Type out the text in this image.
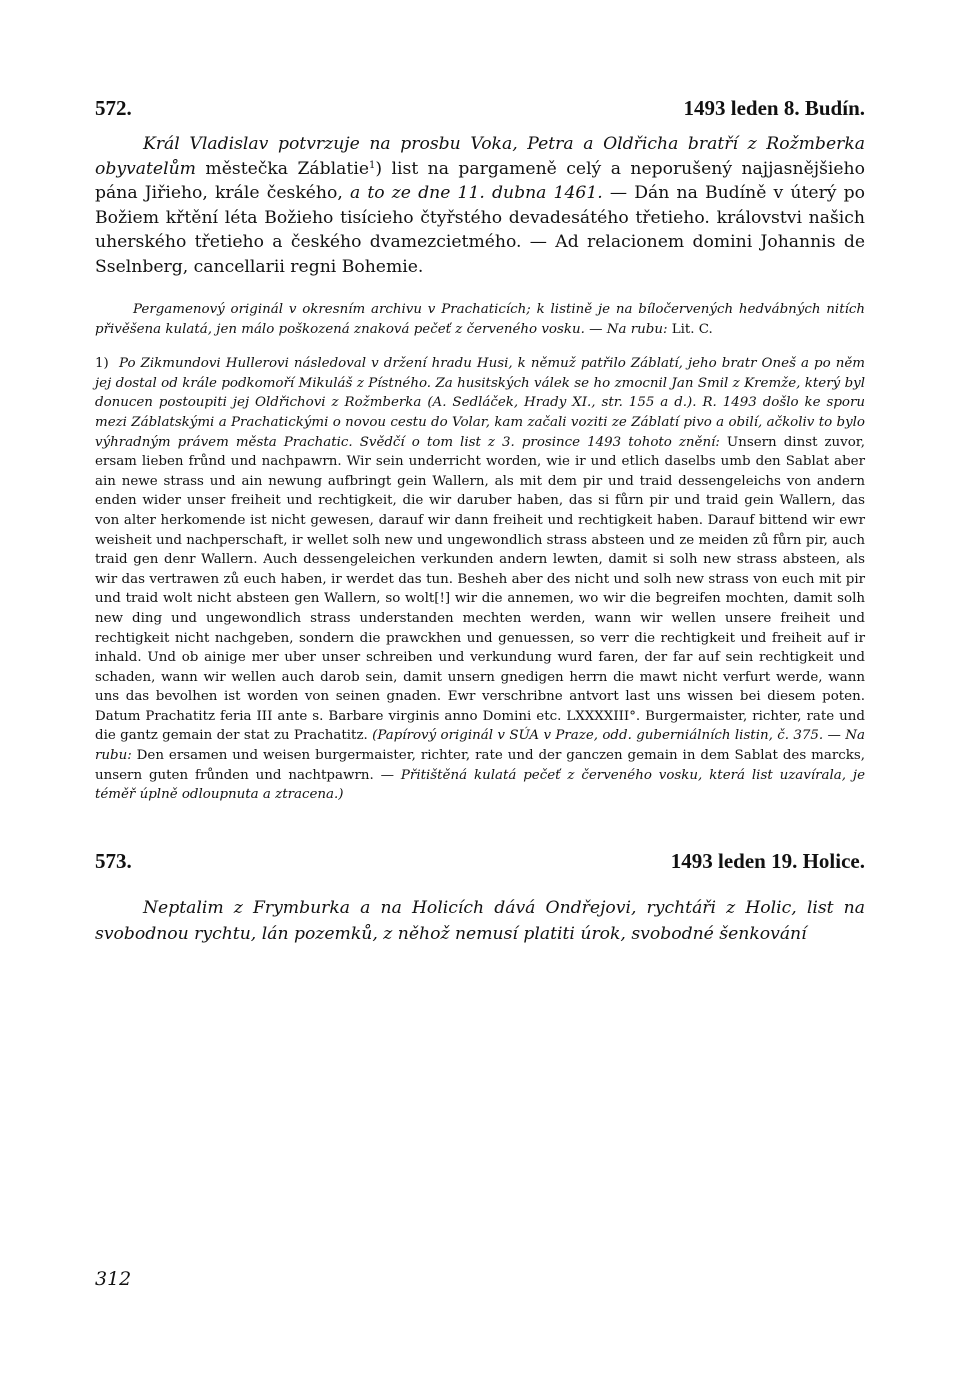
572.	1493 leden 8. Budín.

Král Vladislav potvrzuje na prosbu Voka, Petra a Oldřicha bratří z Rožmberka obyvatelům městečka Záblatie$^1$) list na pargameně celý a neporušený najjasnějšieho pána Jiřieho, krále českého, a to ze dne 11. dubna 1461. — Dán na Budíně v úterý po Božiem křtění léta Božieho tisícieho čtyřstého devadesátého třetieho. královstvi našich uherského třetieho a českého dvamezcietmého. — Ad relacionem domini Johannis de Sselnberg, cancellarii regni Bohemie.

Pergamenový originál v okresním archivu v Prachaticích; k listině je na bíločervených hedvábných nitích přivěšena kulatá, jen málo poškozená znaková pečeť z červeného vosku. — Na rubu: Lit. C.

1) Po Zikmundovi Hullerovi následoval v držení hradu Husi, k němuž patřilo Záblatí, jeho bratr Oneš a po něm jej dostal od krále podkomoří Mikuláš z Pístného. Za husitských válek se ho zmocnil Jan Smil z Kremže, který byl donucen postoupiti jej Oldřichovi z Rožmberka (A. Sedláček, Hrady XI., str. 155 a d.). R. 1493 došlo ke sporu mezi Záblatskými a Prachatickými o novou cestu do Volar, kam začali voziti ze Záblatí pivo a obilí, ačkoliv to bylo výhradným právem města Prachatic. Svědčí o tom list z 3. prosince 1493 tohoto znění: Unsern dinst zuvor, ersam lieben frůnd und nachpawrn. Wir sein underricht worden, wie ir und etlich daselbs umb den Sablat aber ain newe strass und ain newung aufbringt gein Wallern, als mit dem pir und traid dessengeleichs von andern enden wider unser freiheit und rechtigkeit, die wir daruber haben, das si fůrn pir und traid gein Wallern, das von alter herkomende ist nicht gewesen, darauf wir dann freiheit und rechtigkeit haben. Darauf bittend wir ewr weisheit und nachperschaft, ir wellet solh new und ungewondlich strass absteen und ze meiden zů fůrn pir, auch traid gen denr Wallern. Auch dessengeleichen verkunden andern lewten, damit si solh new strass absteen, als wir das vertrawen zů euch haben, ir werdet das tun. Besheh aber des nicht und solh new strass von euch mit pir und traid wolt nicht absteen gen Wallern, so wolt[!] wir die annemen, wo wir die begreifen mochten, damit solh new ding und ungewondlich strass understanden mechten werden, wann wir wellen unsere freiheit und rechtigkeit nicht nachgeben, sondern die prawckhen und genuessen, so verr die rechtigkeit und freiheit auf ir inhald. Und ob ainige mer uber unser schreiben und verkundung wurd faren, der far auf sein rechtigkeit und schaden, wann wir wellen auch darob sein, damit unsern gnedigen herrn die mawt nicht verfurt werde, wann uns das bevolhen ist worden von seinen gnaden. Ewr verschribne antvort last uns wissen bei diesem poten. Datum Prachatitz feria III ante s. Barbare virginis anno Domini etc. LXXXXIII°. Burgermaister, richter, rate und die gantz gemain der stat zu Prachatitz. (Papírový originál v SÚA v Praze, odd. guberniálních listin, č. 375. — Na rubu: Den ersamen und weisen burgermaister, richter, rate und der ganczen gemain in dem Sablat des marcks, unsern guten frůnden und nachtpawrn. — Přitištěná kulatá pečeť z červeného vosku, která list uzavírala, je téměř úplně odloupnuta a ztracena.)

573.	1493 leden 19. Holice.

Neptalim z Frymburka a na Holicích dává Ondřejovi, rychtáři z Holic, list na svobodnou rychtu, lán pozemků, z něhož nemusí platiti úrok, svobodné šenkování

312
